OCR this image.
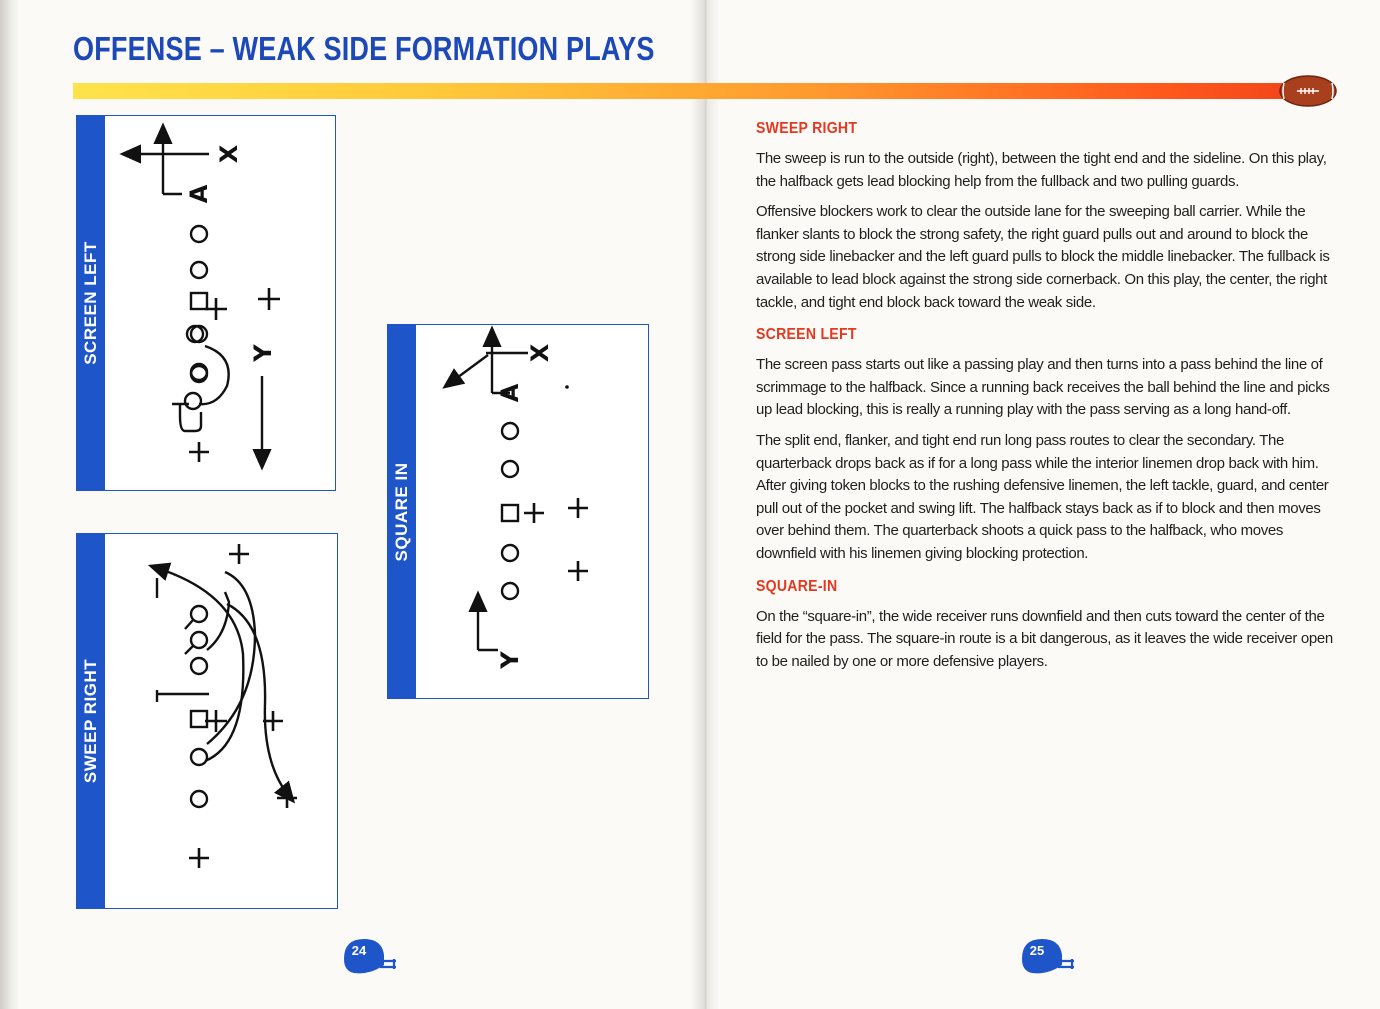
OFFENSE – WEAK SIDE FORMATION PLAYS
SCREEN LEFT
X
A
Y
SWEEP RIGHT
SQUARE IN
X
A
Y
SWEEP RIGHT

The sweep is run to the outside (right), between the tight end and the sideline. On this play, the halfback gets lead blocking help from the fullback and two pulling guards.

Offensive blockers work to clear the outside lane for the sweeping ball carrier. While the flanker slants to block the strong safety, the right guard pulls out and around to block the strong side linebacker and the left guard pulls to block the middle linebacker. The fullback is available to lead block against the strong side cornerback. On this play, the center, the right tackle, and tight end block back toward the weak side.

SCREEN LEFT

The screen pass starts out like a passing play and then turns into a pass behind the line of scrimmage to the halfback. Since a running back receives the ball behind the line and picks up lead blocking, this is really a running play with the pass serving as a long hand-off.

The split end, flanker, and tight end run long pass routes to clear the secondary. The quarterback drops back as if for a long pass while the interior linemen drop back with him. After giving token blocks to the rushing defensive linemen, the left tackle, guard, and center pull out of the pocket and swing lift. The halfback stays back as if to block and then moves over behind them. The quarterback shoots a quick pass to the halfback, who moves downfield with his linemen giving blocking protection.

SQUARE-IN

On the “square-in”, the wide receiver runs downfield and then cuts toward the center of the field for the pass. The square-in route is a bit dangerous, as it leaves the wide receiver open to be nailed by one or more defensive players.

24	25
